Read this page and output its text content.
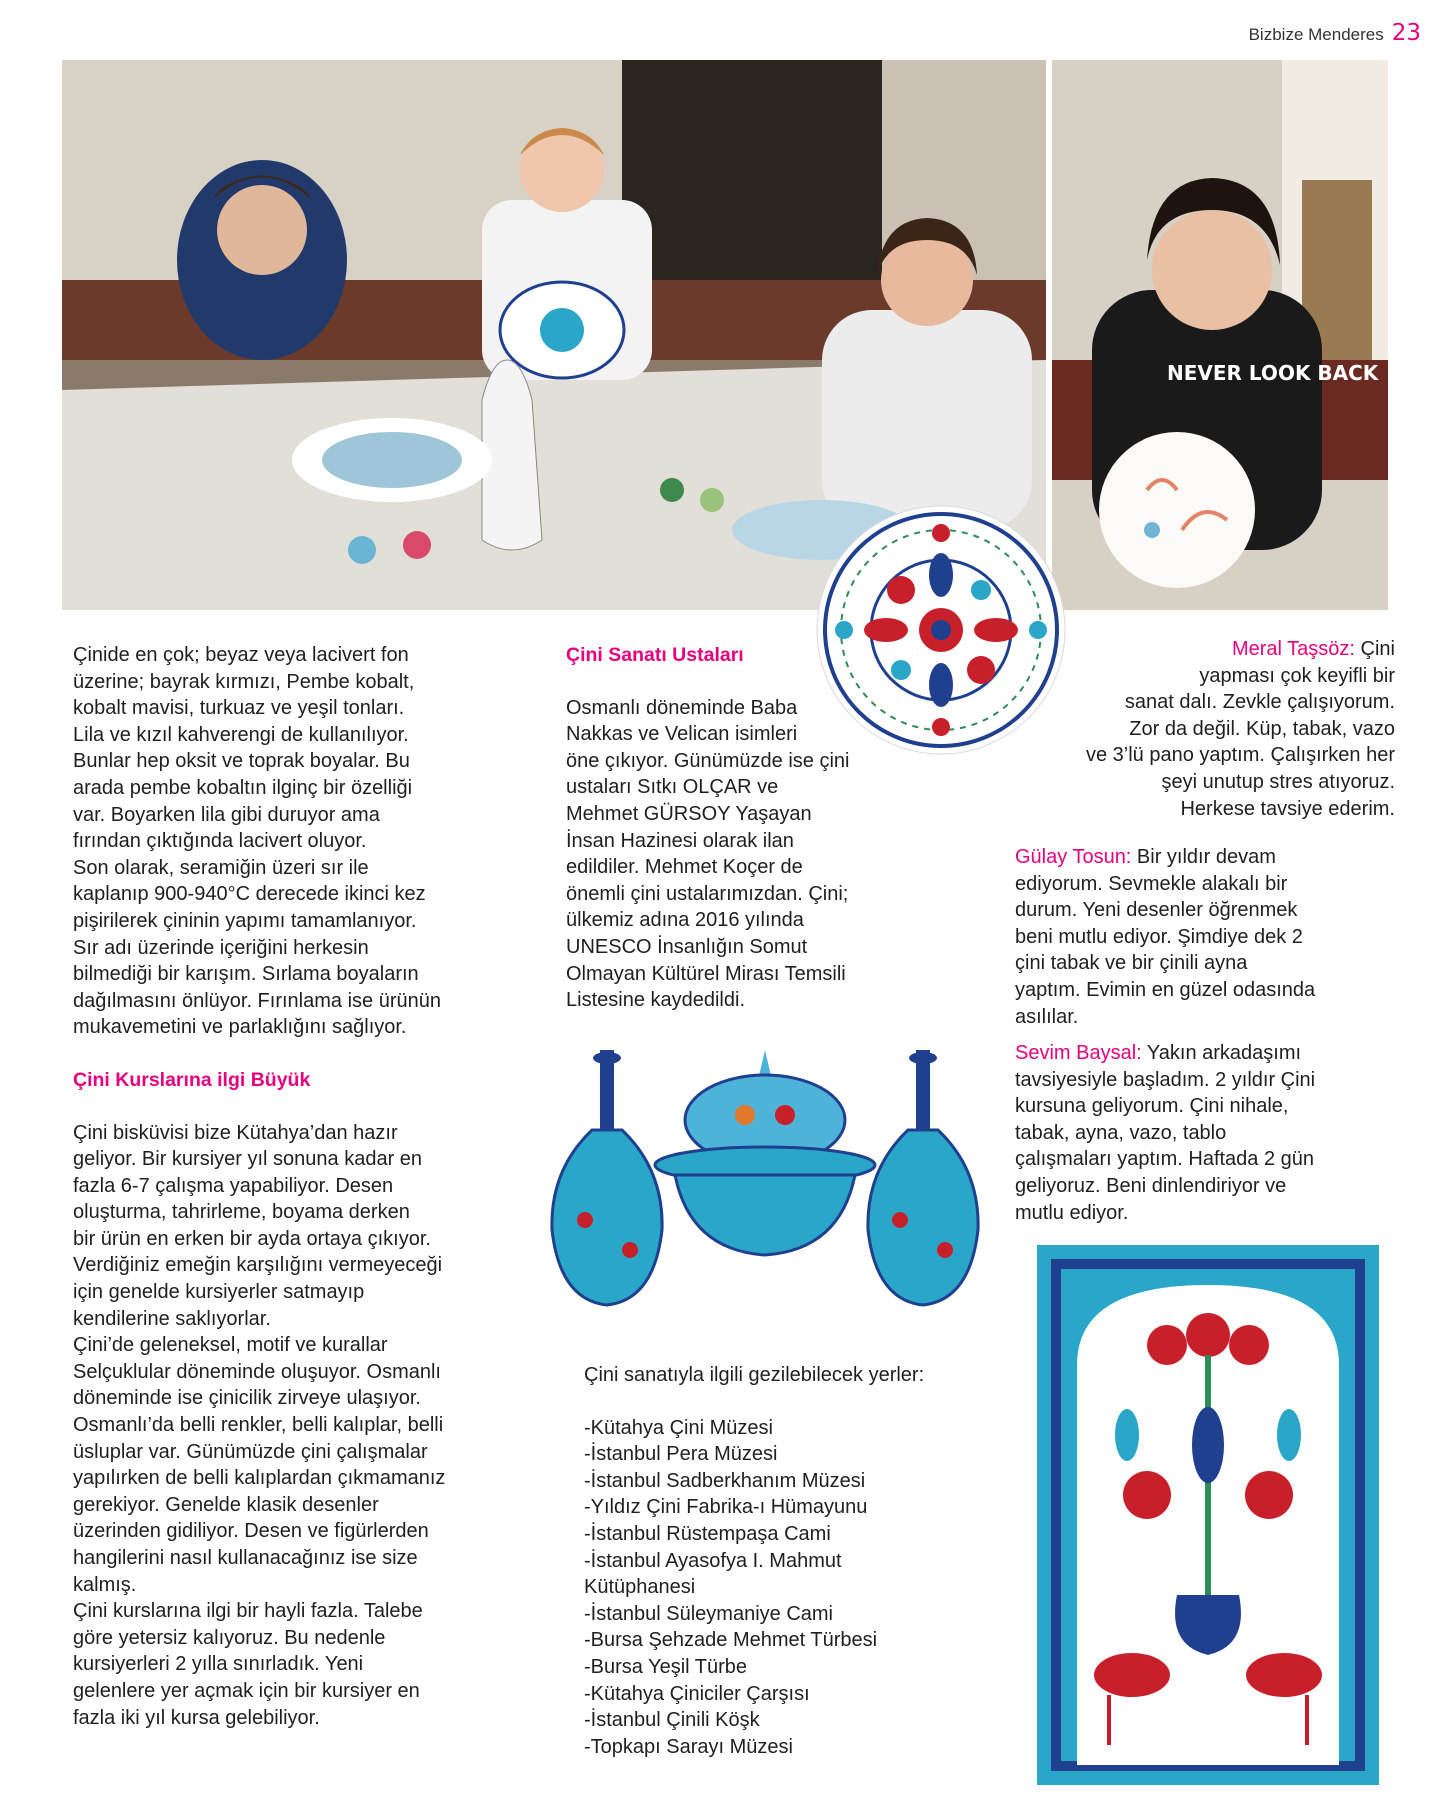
Bizbize Menderes 23
NEVER LOOK BACK

Çinide en çok; beyaz veya lacivert fon
üzerine; bayrak kırmızı, Pembe kobalt,
kobalt mavisi, turkuaz ve yeşil tonları.
Lila ve kızıl kahverengi de kullanılıyor.
Bunlar hep oksit ve toprak boyalar. Bu
arada pembe kobaltın ilginç bir özelliği
var. Boyarken lila gibi duruyor ama
fırından çıktığında lacivert oluyor.
Son olarak, seramiğin üzeri sır ile
kaplanıp 900-940°C derecede ikinci kez
pişirilerek çininin yapımı tamamlanıyor.
Sır adı üzerinde içeriğini herkesin
bilmediği bir karışım. Sırlama boyaların
dağılmasını önlüyor. Fırınlama ise ürünün
mukavemetini ve parlaklığını sağlıyor.

Çini Kurslarına ilgi Büyük

Çini bisküvisi bize Kütahya’dan hazır
geliyor. Bir kursiyer yıl sonuna kadar en
fazla 6-7 çalışma yapabiliyor. Desen
oluşturma, tahrirleme, boyama derken
bir ürün en erken bir ayda ortaya çıkıyor.
Verdiğiniz emeğin karşılığını vermeyeceği
için genelde kursiyerler satmayıp
kendilerine saklıyorlar.
Çini’de geleneksel, motif ve kurallar
Selçuklular döneminde oluşuyor. Osmanlı
döneminde ise çinicilik zirveye ulaşıyor.
Osmanlı’da belli renkler, belli kalıplar, belli
üsluplar var. Günümüzde çini çalışmalar
yapılırken de belli kalıplardan çıkmamanız
gerekiyor. Genelde klasik desenler
üzerinden gidiliyor. Desen ve figürlerden
hangilerini nasıl kullanacağınız ise size
kalmış.
Çini kurslarına ilgi bir hayli fazla. Talebe
göre yetersiz kalıyoruz. Bu nedenle
kursiyerleri 2 yılla sınırladık. Yeni
gelenlere yer açmak için bir kursiyer en
fazla iki yıl kursa gelebiliyor.

Çini Sanatı Ustaları

Osmanlı döneminde Baba
Nakkas ve Velican isimleri
öne çıkıyor. Günümüzde ise çini
ustaları Sıtkı OLÇAR ve
Mehmet GÜRSOY Yaşayan
İnsan Hazinesi olarak ilan
edildiler. Mehmet Koçer de
önemli çini ustalarımızdan. Çini;
ülkemiz adına 2016 yılında
UNESCO İnsanlığın Somut
Olmayan Kültürel Mirası Temsili
Listesine kaydedildi.

Çini sanatıyla ilgili gezilebilecek yerler:

-Kütahya Çini Müzesi
-İstanbul Pera Müzesi
-İstanbul Sadberkhanım Müzesi
-Yıldız Çini Fabrika-ı Hümayunu
-İstanbul Rüstempaşa Cami
-İstanbul Ayasofya I. Mahmut
Kütüphanesi
-İstanbul Süleymaniye Cami
-Bursa Şehzade Mehmet Türbesi
-Bursa Yeşil Türbe
-Kütahya Çiniciler Çarşısı
-İstanbul Çinili Köşk
-Topkapı Sarayı Müzesi
Meral Taşsöz: Çini
yapması çok keyifli bir
sanat dalı. Zevkle çalışıyorum.
Zor da değil. Küp, tabak, vazo
ve 3’lü pano yaptım. Çalışırken her
şeyi unutup stres atıyoruz.
Herkese tavsiye ederim.
Gülay Tosun: Bir yıldır devam
ediyorum. Sevmekle alakalı bir
durum. Yeni desenler öğrenmek
beni mutlu ediyor. Şimdiye dek 2
çini tabak ve bir çinili ayna
yaptım. Evimin en güzel odasında
asılılar.
Sevim Baysal: Yakın arkadaşımı
tavsiyesiyle başladım. 2 yıldır Çini
kursuna geliyorum. Çini nihale,
tabak, ayna, vazo, tablo
çalışmaları yaptım. Haftada 2 gün
geliyoruz. Beni dinlendiriyor ve
mutlu ediyor.
